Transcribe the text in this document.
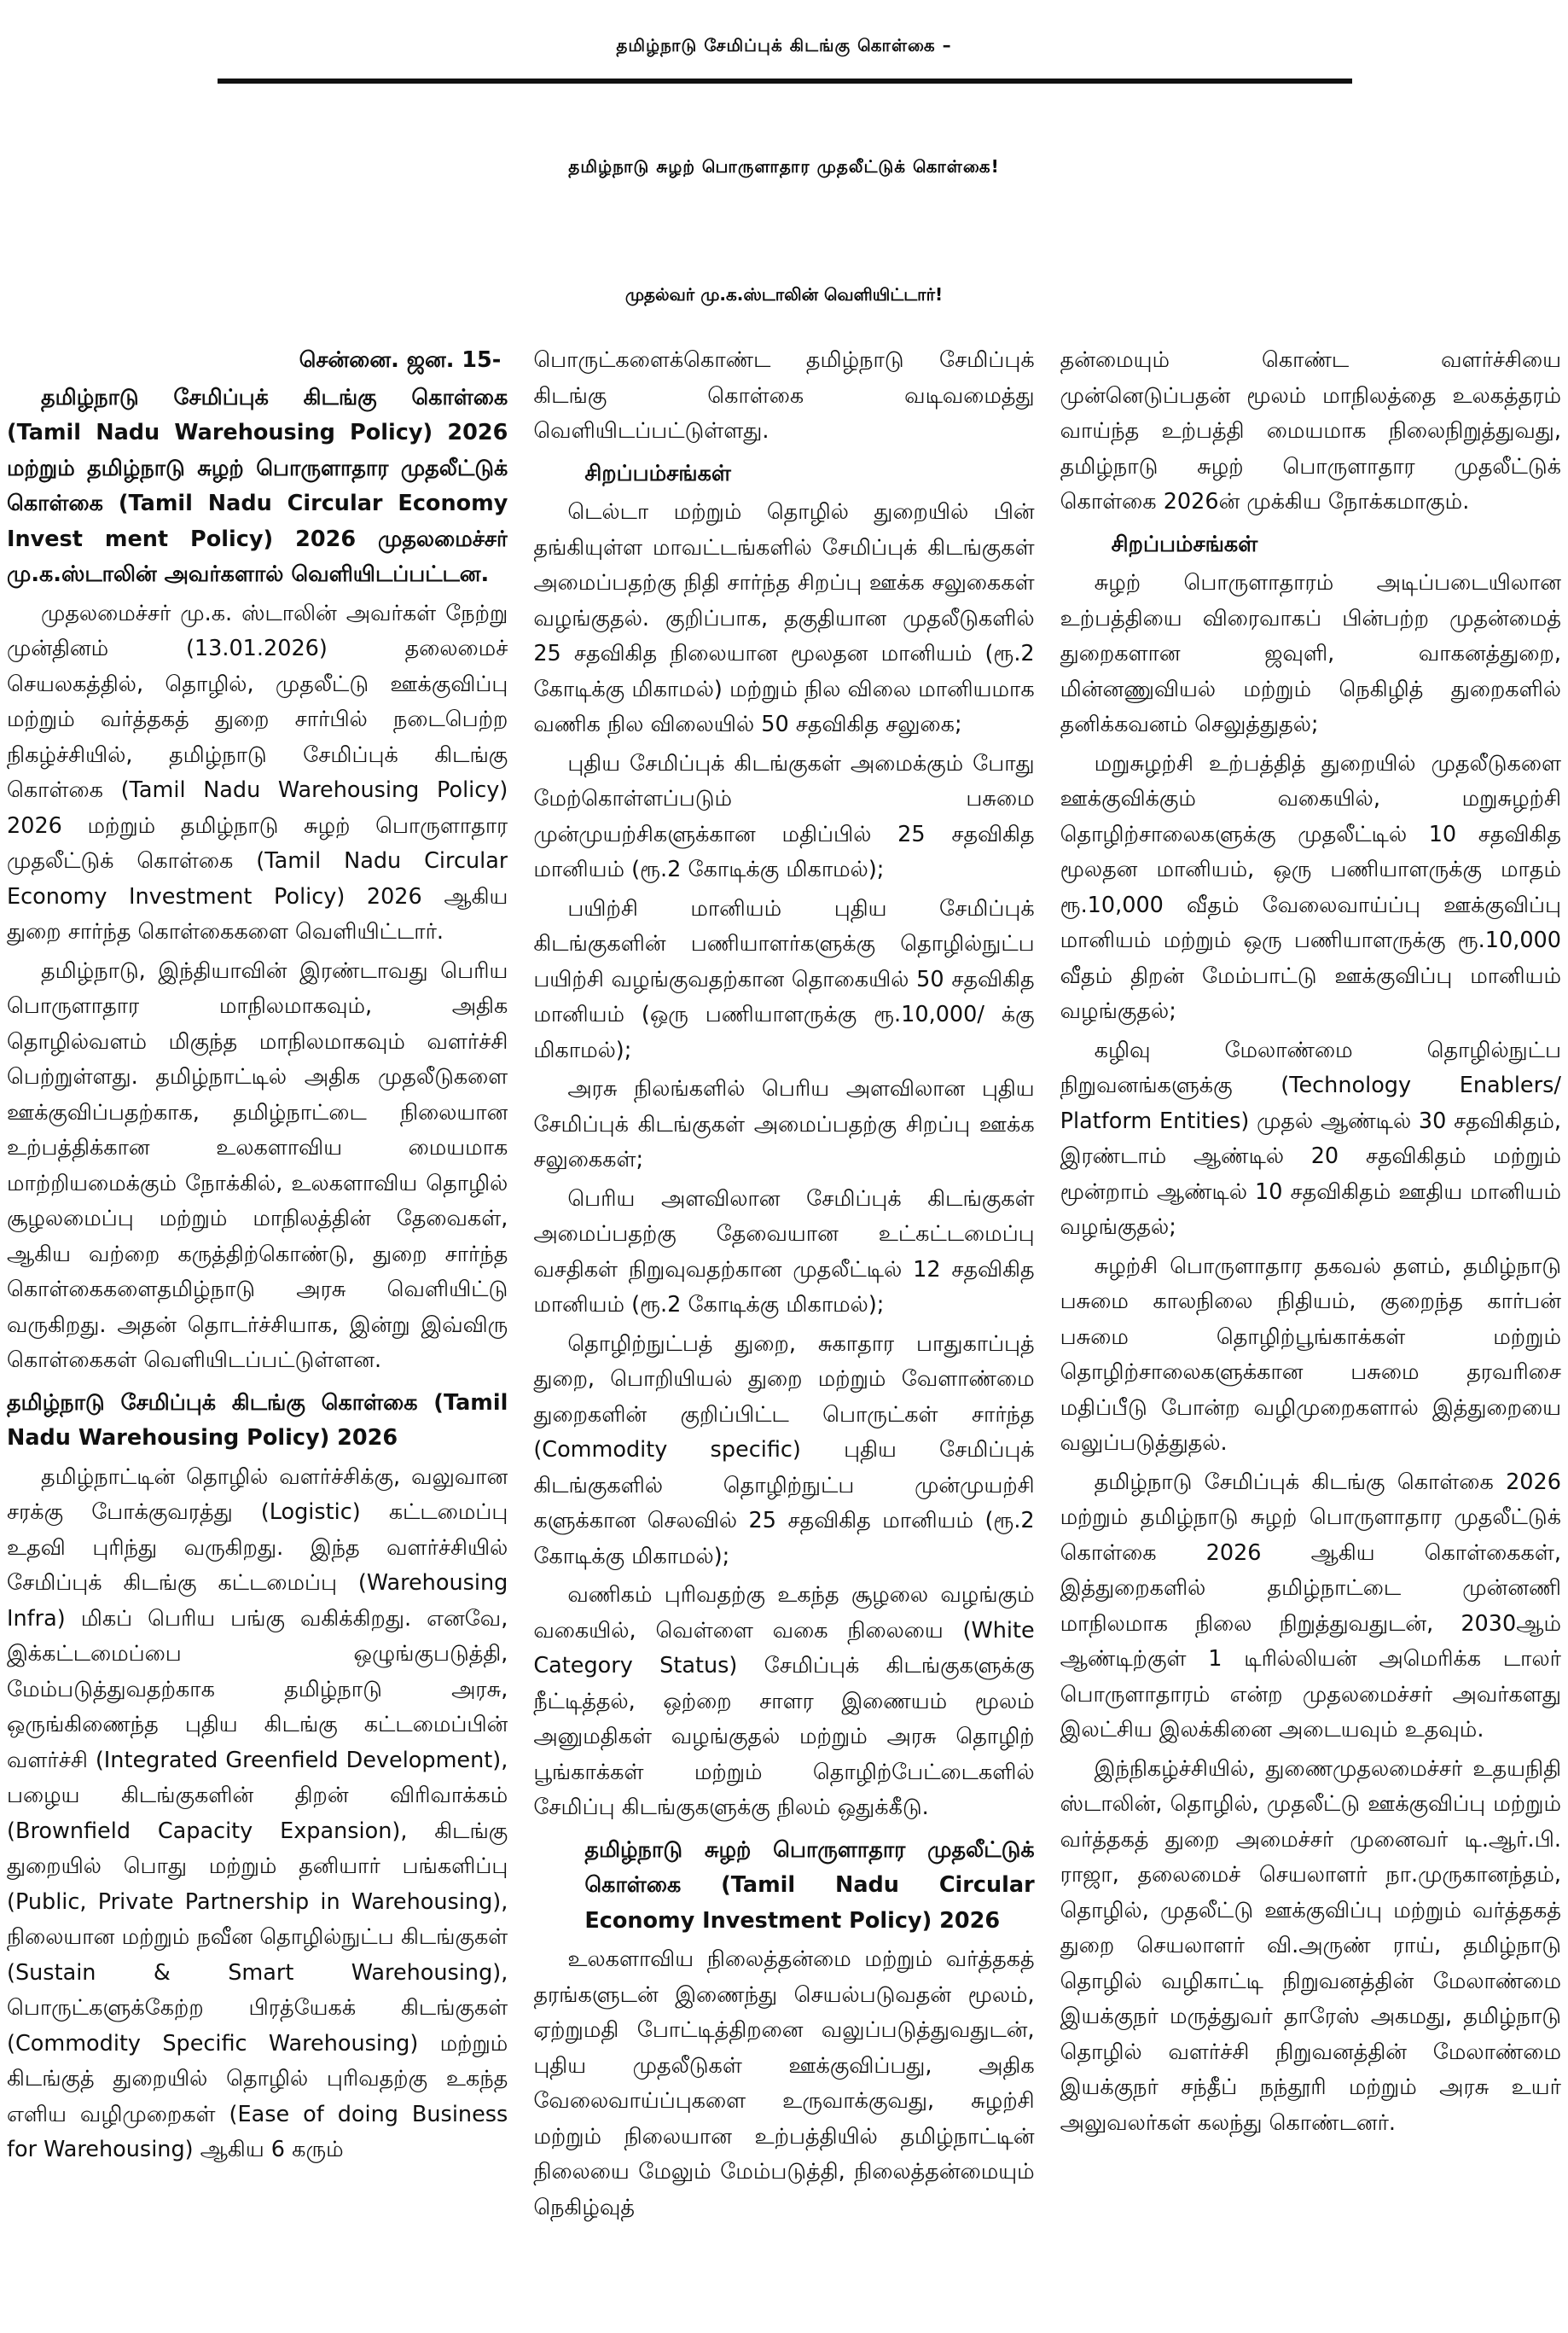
தமிழ்நாடு சேமிப்புக் கிடங்கு கொள்கை –
தமிழ்நாடு சுழற் பொருளாதார முதலீட்டுக் கொள்கை!
முதல்வர் மு.க.ஸ்டாலின் வெளியிட்டார்!
சென்னை. ஜன. 15-

தமிழ்நாடு சேமிப்புக் கிடங்கு கொள்கை (Tamil Nadu Warehousing Policy) 2026 மற்றும் தமிழ்நாடு சுழற் பொருளாதார முதலீட்டுக் கொள்கை (Tamil Nadu Circular Economy Invest ment Policy) 2026 முதலமைச்சர் மு.க.ஸ்டாலின் அவர்களால் வெளியிடப்பட்டன.

முதலமைச்சர் மு.க. ஸ்டாலின் அவர்கள் நேற்று முன்தினம் (13.01.2026) தலைமைச் செயலகத்தில், தொழில், முதலீட்டு ஊக்குவிப்பு மற்றும் வர்த்தகத் துறை சார்பில் நடைபெற்ற நிகழ்ச்சியில், தமிழ்நாடு சேமிப்புக் கிடங்கு கொள்கை (Tamil Nadu Warehousing Policy) 2026 மற்றும் தமிழ்நாடு சுழற் பொருளாதார முதலீட்டுக் கொள்கை (Tamil Nadu Circular Economy Investment Policy) 2026 ஆகிய துறை சார்ந்த கொள்கைகளை வெளியிட்டார்.

தமிழ்நாடு, இந்தியாவின் இரண்டாவது பெரிய பொருளாதார மாநிலமாகவும், அதிக தொழில்வளம் மிகுந்த மாநிலமாகவும் வளர்ச்சி பெற்றுள்ளது. தமிழ்நாட்டில் அதிக முதலீடுகளை ஊக்குவிப்பதற்காக, தமிழ்நாட்டை நிலையான உற்பத்திக்கான உலகளாவிய மையமாக மாற்றியமைக்கும் நோக்கில், உலகளாவிய தொழில் சூழலமைப்பு மற்றும் மாநிலத்தின் தேவைகள், ஆகிய வற்றை கருத்திற்கொண்டு, துறை சார்ந்த கொள்கைகளைதமிழ்நாடு அரசு வெளியிட்டு வருகிறது. அதன் தொடர்ச்சியாக, இன்று இவ்விரு கொள்கைகள் வெளியிடப்பட்டுள்ளன.

தமிழ்நாடு சேமிப்புக் கிடங்கு கொள்கை (Tamil Nadu Warehousing Policy) 2026

தமிழ்நாட்டின் தொழில் வளர்ச்சிக்கு, வலுவான சரக்கு போக்குவரத்து (Logistic) கட்டமைப்பு உதவி புரிந்து வருகிறது. இந்த வளர்ச்சியில் சேமிப்புக் கிடங்கு கட்டமைப்பு (Warehousing Infra) மிகப் பெரிய பங்கு வகிக்கிறது. எனவே, இக்கட்டமைப்பை ஒழுங்குபடுத்தி, மேம்படுத்துவதற்காக தமிழ்நாடு அரசு, ஒருங்கிணைந்த புதிய கிடங்கு கட்டமைப்பின் வளர்ச்சி (Integrated Greenfield Development), பழைய கிடங்குகளின் திறன் விரிவாக்கம் (Brownfield Capacity Expansion), கிடங்கு துறையில் பொது மற்றும் தனியார் பங்களிப்பு (Public, Private Partnership in Warehousing), நிலையான மற்றும் நவீன தொழில்நுட்ப கிடங்குகள் (Sustain & Smart Warehousing), பொருட்களுக்கேற்ற பிரத்யேகக் கிடங்குகள் (Commodity Specific Warehousing) மற்றும் கிடங்குத் துறையில் தொழில் புரிவதற்கு உகந்த எளிய வழிமுறைகள் (Ease of doing Business for Warehousing) ஆகிய 6 கரும்

பொருட்களைக்கொண்ட தமிழ்நாடு சேமிப்புக் கிடங்கு கொள்கை வடிவமைத்து வெளியிடப்பட்டுள்ளது.

சிறப்பம்சங்கள்

டெல்டா மற்றும் தொழில் துறையில் பின் தங்கியுள்ள மாவட்டங்களில் சேமிப்புக் கிடங்குகள் அமைப்பதற்கு நிதி சார்ந்த சிறப்பு ஊக்க சலுகைகள் வழங்குதல். குறிப்பாக, தகுதியான முதலீடுகளில் 25 சதவிகித நிலையான மூலதன மானியம் (ரூ.2 கோடிக்கு மிகாமல்) மற்றும் நில விலை மானியமாக வணிக நில விலையில் 50 சதவிகித சலுகை;

புதிய சேமிப்புக் கிடங்குகள் அமைக்கும் போது மேற்கொள்ளப்படும் பசுமை முன்முயற்சிகளுக்கான மதிப்பில் 25 சதவிகித மானியம் (ரூ.2 கோடிக்கு மிகாமல்);

பயிற்சி மானியம் புதிய சேமிப்புக் கிடங்குகளின் பணியாளர்களுக்கு தொழில்நுட்ப பயிற்சி வழங்குவதற்கான தொகையில் 50 சதவிகித மானியம் (ஒரு பணியாளருக்கு ரூ.10,000/ க்கு மிகாமல்);

அரசு நிலங்களில் பெரிய அளவிலான புதிய சேமிப்புக் கிடங்குகள் அமைப்பதற்கு சிறப்பு ஊக்க சலுகைகள்;

பெரிய அளவிலான சேமிப்புக் கிடங்குகள் அமைப்பதற்கு தேவையான உட்கட்டமைப்பு வசதிகள் நிறுவுவதற்கான முதலீட்டில் 12 சதவிகித மானியம் (ரூ.2 கோடிக்கு மிகாமல்);

தொழிற்நுட்பத் துறை, சுகாதார பாதுகாப்புத் துறை, பொறியியல் துறை மற்றும் வேளாண்மை துறைகளின் குறிப்பிட்ட பொருட்கள் சார்ந்த (Commodity specific) புதிய சேமிப்புக் கிடங்குகளில் தொழிற்நுட்ப முன்முயற்சி களுக்கான செலவில் 25 சதவிகித மானியம் (ரூ.2 கோடிக்கு மிகாமல்);

வணிகம் புரிவதற்கு உகந்த சூழலை வழங்கும் வகையில், வெள்ளை வகை நிலையை (White Category Status) சேமிப்புக் கிடங்குகளுக்கு நீட்டித்தல், ஒற்றை சாளர இணையம் மூலம் அனுமதிகள் வழங்குதல் மற்றும் அரசு தொழிற் பூங்காக்கள் மற்றும் தொழிற்பேட்டைகளில் சேமிப்பு கிடங்குகளுக்கு நிலம் ஒதுக்கீடு.

தமிழ்நாடு சுழற் பொருளாதார முதலீட்டுக் கொள்கை (Tamil Nadu Circular Economy Investment Policy) 2026

உலகளாவிய நிலைத்தன்மை மற்றும் வர்த்தகத் தரங்களுடன் இணைந்து செயல்படுவதன் மூலம், ஏற்றுமதி போட்டித்திறனை வலுப்படுத்துவதுடன், புதிய முதலீடுகள் ஊக்குவிப்பது, அதிக வேலைவாய்ப்புகளை உருவாக்குவது, சுழற்சி மற்றும் நிலையான உற்பத்தியில் தமிழ்நாட்டின் நிலையை மேலும் மேம்படுத்தி, நிலைத்தன்மையும் நெகிழ்வுத்

தன்மையும் கொண்ட வளர்ச்சியை முன்னெடுப்பதன் மூலம் மாநிலத்தை உலகத்தரம் வாய்ந்த உற்பத்தி மையமாக நிலைநிறுத்துவது, தமிழ்நாடு சுழற் பொருளாதார முதலீட்டுக் கொள்கை 2026ன் முக்கிய நோக்கமாகும்.

சிறப்பம்சங்கள்

சுழற் பொருளாதாரம் அடிப்படையிலான உற்பத்தியை விரைவாகப் பின்பற்ற முதன்மைத் துறைகளான ஜவுளி, வாகனத்துறை, மின்னணுவியல் மற்றும் நெகிழித் துறைகளில் தனிக்கவனம் செலுத்துதல்;

மறுசுழற்சி உற்பத்தித் துறையில் முதலீடுகளை ஊக்குவிக்கும் வகையில், மறுசுழற்சி தொழிற்சாலைகளுக்கு முதலீட்டில் 10 சதவிகித மூலதன மானியம், ஒரு பணியாளருக்கு மாதம் ரூ.10,000 வீதம் வேலைவாய்ப்பு ஊக்குவிப்பு மானியம் மற்றும் ஒரு பணியாளருக்கு ரூ.10,000 வீதம் திறன் மேம்பாட்டு ஊக்குவிப்பு மானியம் வழங்குதல்;

கழிவு மேலாண்மை தொழில்நுட்ப நிறுவனங்களுக்கு (Technology Enablers/ Platform Entities) முதல் ஆண்டில் 30 சதவிகிதம், இரண்டாம் ஆண்டில் 20 சதவிகிதம் மற்றும் மூன்றாம் ஆண்டில் 10 சதவிகிதம் ஊதிய மானியம் வழங்குதல்;

சுழற்சி பொருளாதார தகவல் தளம், தமிழ்நாடு பசுமை காலநிலை நிதியம், குறைந்த கார்பன் பசுமை தொழிற்பூங்காக்கள் மற்றும் தொழிற்சாலைகளுக்கான பசுமை தரவரிசை மதிப்பீடு போன்ற வழிமுறைகளால் இத்துறையை வலுப்படுத்துதல்.

தமிழ்நாடு சேமிப்புக் கிடங்கு கொள்கை 2026 மற்றும் தமிழ்நாடு சுழற் பொருளாதார முதலீட்டுக் கொள்கை 2026 ஆகிய கொள்கைகள், இத்துறைகளில் தமிழ்நாட்டை முன்னணி மாநிலமாக நிலை நிறுத்துவதுடன், 2030ஆம் ஆண்டிற்குள் 1 டிரில்லியன் அமெரிக்க டாலர் பொருளாதாரம் என்ற முதலமைச்சர் அவர்களது இலட்சிய இலக்கினை அடையவும் உதவும்.

இந்நிகழ்ச்சியில், துணைமுதலமைச்சர் உதயநிதி ஸ்டாலின், தொழில், முதலீட்டு ஊக்குவிப்பு மற்றும் வர்த்தகத் துறை அமைச்சர் முனைவர் டி.ஆர்.பி. ராஜா, தலைமைச் செயலாளர் நா.முருகானந்தம், தொழில், முதலீட்டு ஊக்குவிப்பு மற்றும் வர்த்தகத் துறை செயலாளர் வி.அருண் ராய், தமிழ்நாடு தொழில் வழிகாட்டி நிறுவனத்தின் மேலாண்மை இயக்குநர் மருத்துவர் தாரேஸ் அகமது, தமிழ்நாடு தொழில் வளர்ச்சி நிறுவனத்தின் மேலாண்மை இயக்குநர் சந்தீப் நந்தூரி மற்றும் அரசு உயர் அலுவலர்கள் கலந்து கொண்டனர்.
